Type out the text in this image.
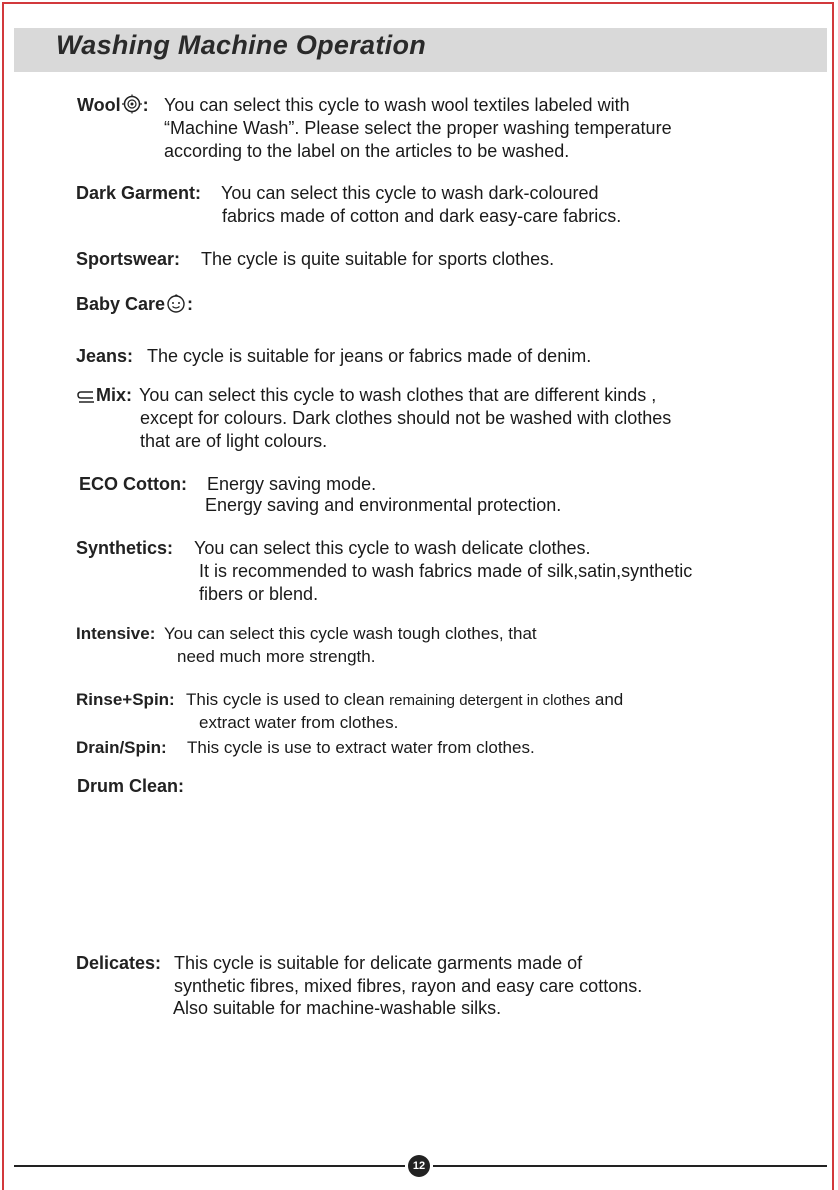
Washing Machine Operation
Wool : You can select this cycle to wash wool textiles labeled with
“Machine Wash”. Please select the proper washing temperature
according to the label on the articles to be washed.
Dark Garment: You can select this cycle to wash dark-coloured
fabrics made of cotton and dark easy-care fabrics.
Sportswear: The cycle is quite suitable for sports clothes.
Baby Care :
Jeans: The cycle is suitable for jeans or fabrics made of denim.
Mix: You can select this cycle to wash clothes that are different kinds ,
except for colours. Dark clothes should not be washed with clothes
that are of light colours.
ECO Cotton: Energy saving mode.
Energy saving and environmental protection.
Synthetics: You can select this cycle to wash delicate clothes.
It is recommended to wash fabrics made of silk,satin,synthetic
fibers or blend.
Intensive: You can select this cycle wash tough clothes, that
need much more strength.
Rinse+Spin: This cycle is used to clean remaining detergent in clothes and
extract water from clothes.
Drain/Spin: This cycle is use to extract water from clothes.
Drum Clean:
Delicates: This cycle is suitable for delicate garments made of
synthetic fibres, mixed fibres, rayon and easy care cottons.
Also suitable for machine-washable silks.
12
